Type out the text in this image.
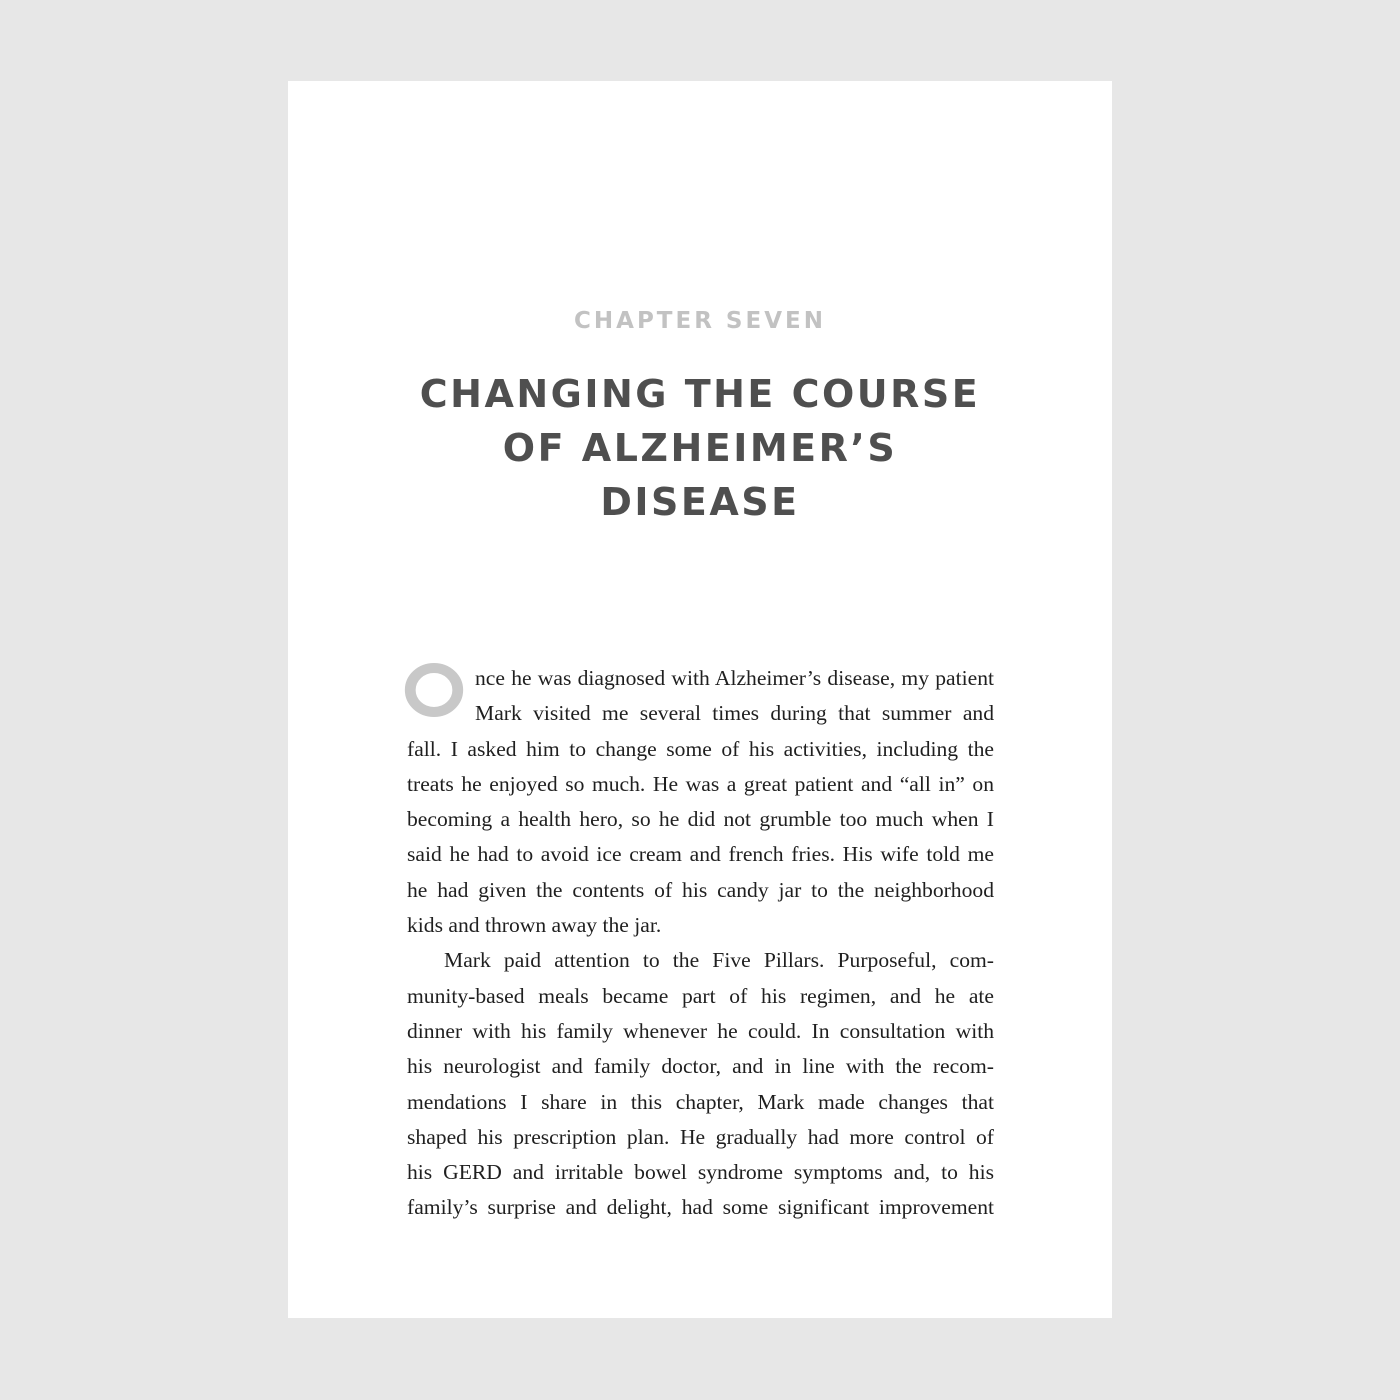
CHAPTER SEVEN
CHANGING THE COURSE
OF ALZHEIMER’S
DISEASE
nce he was diagnosed with Alzheimer’s disease, my patient
Mark visited me several times during that summer and
fall. I asked him to change some of his activities, including the
treats he enjoyed so much. He was a great patient and “all in” on
becoming a health hero, so he did not grumble too much when I
said he had to avoid ice cream and french fries. His wife told me
he had given the contents of his candy jar to the neighborhood
kids and thrown away the jar.
Mark paid attention to the Five Pillars. Purposeful, com-
munity-based meals became part of his regimen, and he ate
dinner with his family whenever he could. In consultation with
his neurologist and family doctor, and in line with the recom-
mendations I share in this chapter, Mark made changes that
shaped his prescription plan. He gradually had more control of
his GERD and irritable bowel syndrome symptoms and, to his
family’s surprise and delight, had some significant improvement
